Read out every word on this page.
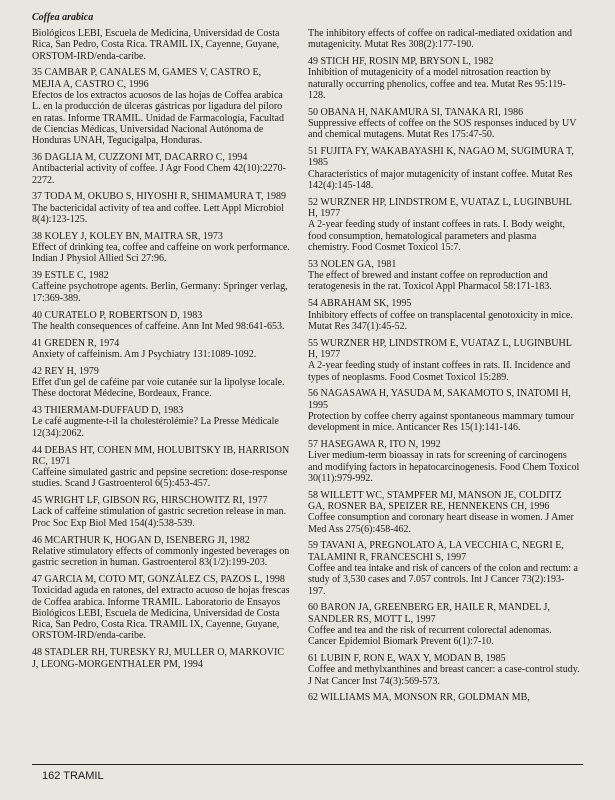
Coffea arabica
Biológicos LEBI, Escuela de Medicina, Universidad de Costa Rica, San Pedro, Costa Rica. TRAMIL IX, Cayenne, Guyane, ORSTOM-IRD/enda-caribe.
35 CAMBAR P, CANALES M, GAMES V, CASTRO E, MEJIA A, CASTRO C, 1996
Efectos de los extractos acuosos de las hojas de Coffea arabica L. en la producción de úlceras gástricas por ligadura del píloro en ratas. Informe TRAMIL. Unidad de Farmacología, Facultad de Ciencias Médicas, Universidad Nacional Autónoma de Honduras UNAH, Tegucigalpa, Honduras.
36 DAGLIA M, CUZZONI MT, DACARRO C, 1994
Antibacterial activity of coffee. J Agr Food Chem 42(10):2270-2272.
37 TODA M, OKUBO S, HIYOSHI R, SHIMAMURA T, 1989
The bactericidal activity of tea and coffee. Lett Appl Microbiol 8(4):123-125.
38 KOLEY J, KOLEY BN, MAITRA SR, 1973
Effect of drinking tea, coffee and caffeine on work performance. Indian J Physiol Allied Sci 27:96.
39 ESTLE C, 1982
Caffeine psychotrope agents. Berlin, Germany: Springer verlag, 17:369-389.
40 CURATELO P, ROBERTSON D, 1983
The health consequences of caffeine. Ann Int Med 98:641-653.
41 GREDEN R, 1974
Anxiety of caffeinism. Am J Psychiatry 131:1089-1092.
42 REY H, 1979
Effet d'un gel de caféine par voie cutanée sur la lipolyse locale. Thèse doctorat Médecine, Bordeaux, France.
43 THIERMAM-DUFFAUD D, 1983
Le café augmente-t-il la cholestérolémie? La Presse Médicale 12(34):2062.
44 DEBAS HT, COHEN MM, HOLUBITSKY IB, HARRISON RC, 1971
Caffeine simulated gastric and pepsine secretion: dose-response studies. Scand J Gastroenterol 6(5):453-457.
45 WRIGHT LF, GIBSON RG, HIRSCHOWITZ RI, 1977
Lack of caffeine stimulation of gastric secretion release in man. Proc Soc Exp Biol Med 154(4):538-539.
46 MCARTHUR K, HOGAN D, ISENBERG JI, 1982
Relative stimulatory effects of commonly ingested beverages on gastric secretion in human. Gastroenterol 83(1/2):199-203.
47 GARCIA M, COTO MT, GONZÁLEZ CS, PAZOS L, 1998
Toxicidad aguda en ratones, del extracto acuoso de hojas frescas de Coffea arabica. Informe TRAMIL. Laboratorio de Ensayos Biológicos LEBI, Escuela de Medicina, Universidad de Costa Rica, San Pedro, Costa Rica. TRAMIL IX, Cayenne, Guyane, ORSTOM-IRD/enda-caribe.
48 STADLER RH, TURESKY RJ, MULLER O, MARKOVIC J, LEONG-MORGENTHALER PM, 1994
The inhibitory effects of coffee on radical-mediated oxidation and mutagenicity. Mutat Res 308(2):177-190.
49 STICH HF, ROSIN MP, BRYSON L, 1982
Inhibition of mutagenicity of a model nitrosation reaction by naturally occurring phenolics, coffee and tea. Mutat Res 95:119-128.
50 OBANA H, NAKAMURA SI, TANAKA RI, 1986
Suppressive effects of coffee on the SOS responses induced by UV and chemical mutagens. Mutat Res 175:47-50.
51 FUJITA FY, WAKABAYASHI K, NAGAO M, SUGIMURA T, 1985
Characteristics of major mutagenicity of instant coffee. Mutat Res 142(4):145-148.
52 WURZNER HP, LINDSTROM E, VUATAZ L, LUGINBUHL H, 1977
A 2-year feeding study of instant coffees in rats. I. Body weight, food consumption, hematological parameters and plasma chemistry. Food Cosmet Toxicol 15:7.
53 NOLEN GA, 1981
The effect of brewed and instant coffee on reproduction and teratogenesis in the rat. Toxicol Appl Pharmacol 58:171-183.
54 ABRAHAM SK, 1995
Inhibitory effects of coffee on transplacental genotoxicity in mice. Mutat Res 347(1):45-52.
55 WURZNER HP, LINDSTROM E, VUATAZ L, LUGINBUHL H, 1977
A 2-year feeding study of instant coffees in rats. II. Incidence and types of neoplasms. Food Cosmet Toxicol 15:289.
56 NAGASAWA H, YASUDA M, SAKAMOTO S, INATOMI H, 1995
Protection by coffee cherry against spontaneous mammary tumour development in mice. Anticancer Res 15(1):141-146.
57 HASEGAWA R, ITO N, 1992
Liver medium-term bioassay in rats for screening of carcinogens and modifying factors in hepatocarcinogenesis. Food Chem Toxicol 30(11):979-992.
58 WILLETT WC, STAMPFER MJ, MANSON JE, COLDITZ GA, ROSNER BA, SPEIZER RE, HENNEKENS CH, 1996
Coffee consumption and coronary heart disease in women. J Amer Med Ass 275(6):458-462.
59 TAVANI A, PREGNOLATO A, LA VECCHIA C, NEGRI E, TALAMINI R, FRANCESCHI S, 1997
Coffee and tea intake and risk of cancers of the colon and rectum: a study of 3,530 cases and 7.057 controls. Int J Cancer 73(2):193-197.
60 BARON JA, GREENBERG ER, HAILE R, MANDEL J, SANDLER RS, MOTT L, 1997
Coffee and tea and the risk of recurrent colorectal adenomas. Cancer Epidemiol Biomark Prevent 6(1):7-10.
61 LUBIN F, RON E, WAX Y, MODAN B, 1985
Coffee and methylxanthines and breast cancer: a case-control study. J Nat Cancer Inst 74(3):569-573.
62 WILLIAMS MA, MONSON RR, GOLDMAN MB,
162 TRAMIL
